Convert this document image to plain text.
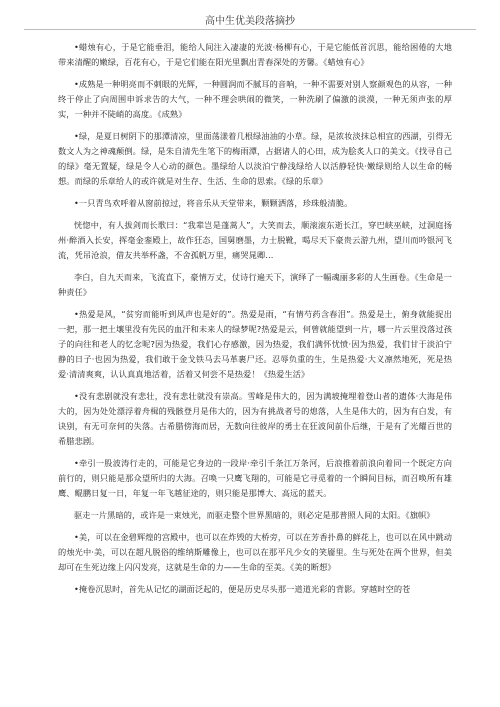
高中生优美段落摘抄

•蜡烛有心，于是它能垂泪，能给人间注入凄凄的光波·杨柳有心，于是它能低首沉思，能给困倦的大地带来清醒的嫩绿，百花有心，于是它们能在阳光里飘出青春深处的芳馨。《蜡烛有心》

•成熟是一种明亮而不刺眼的光辉，一种圆润而不腻耳的音响，一种不需要对别人察颜观色的从容，一种终于停止了向周围申诉求告的大气，一种不理会哄闹的微笑，一种洗刷了偏激的淡漠，一种无须声张的厚实，一种并不陡峭的高度。《成熟》

•绿，是夏日树阴下的那潭清凉，里面荡漾着几根绿油油的小草。绿，是浓妆淡抹总相宜的西湖，引得无数文人为之神魂颠倒。绿，是朱自清先生笔下的梅雨潭，占据诸人的心田，成为脍炙人口的美文。《找寻自己的绿》毫无置疑，绿是令人心动的颜色。墨绿给人以淡泊宁静浅绿给人以活静轻快·嫩绿则给人以生命的畅想。而绿的乐章给人的或许就是对生存、生活、生命的思索。《绿的乐章》

•一只青鸟欢呼着从窗前掠过，将音乐从天堂带来，颗颗洒落，珍珠般清脆。

恍惚中，有人拔剑而长歌曰：“我辈岂是蓬蒿人”，大笑而去，顺滚滚东逝长江，穿巴峡巫峡，过洞庭扬州·醉酒入长安，挥毫金銮殿上，故作狂态，国舅磨墨，力士脱靴，喝尽天下豪贵云游九州，望川而吟银河飞流，凭吊沧浪，借友共举杯盏，不舍孤帆万里，痛哭晁卿…

李白，自九天而来，飞流直下，豪情万丈，仗诗行遍天下，演绎了一幅魂丽多彩的人生画卷。《生命是一种责任》

•热爱是风，“贫穷而能听到风声也是好的”。热爱是雨，“有情芍药含春泪”。热爱是土，俯身就能捉出一把，那一把土壤里没有先民的血汗和未来人的绿梦呢?热爱是云，何曾就能望到一片，哪一片云里没落过孩子的向往和老人的忆念呢?因为热爱，我们心存感激，因为热爱，我们满怀忧愤·因为热爱，我们甘于淡泊宁静的日子·也因为热爱，我们敢于金戈铁马去马革裹尸还。忍辱负重的生，生是热爱·大义凛然地死，死是热爱·清清爽爽，认认真真地活着，活着又何尝不是热爱！《热爱生活》

•没有悲剧就没有悲壮，没有悲壮就没有崇高。雪峰是伟大的，因为满坡掩埋着登山者的遗体·大海是伟大的，因为处处漂浮着舟楫的残骸登月是伟大的，因为有挑战者号的熄落，人生是伟大的，因为有白发，有诀别，有无可奈何的失落。古希腊傍海而居，无数向往彼岸的勇士在狂波间前仆后继，于是有了光耀百世的希腊悲剧。

•牵引一股波涛行走的，可能是它身边的一段岸·牵引千条江万条河，后浪推着前浪向着同一个既定方向前行的，则只能是那众望所归的大海。召唤一只鹰飞翔的，可能是它寻觅着的一个瞬间目标，而召唤所有雄鹰、鲲鹏日复一日，年复一年飞越征途的，则只能是那博大、高远的蓝天。

驱走一片黑暗的，或许是一束烛光，而驱走整个世界黑暗的，则必定是那普照人间的太阳。《旗帜》

•美，可以在金碧辉煌的宫殿中，也可以在炸毁的大桥旁，可以在芳香扑鼻的鲜花上，也可以在风中跳动的烛光中·美，可以在超凡脱俗的维纳斯雕像上，也可以在那平凡少女的笑靥里。生与死处在两个世界，但美却可在生死边缘上闪闪发亮，这就是生命的力——生命的至美。《美的断想》

•掩卷沉思时，首先从记忆的湖面泛起的，便是历史尽头那一道道光彩的背影。穿越时空的苍
